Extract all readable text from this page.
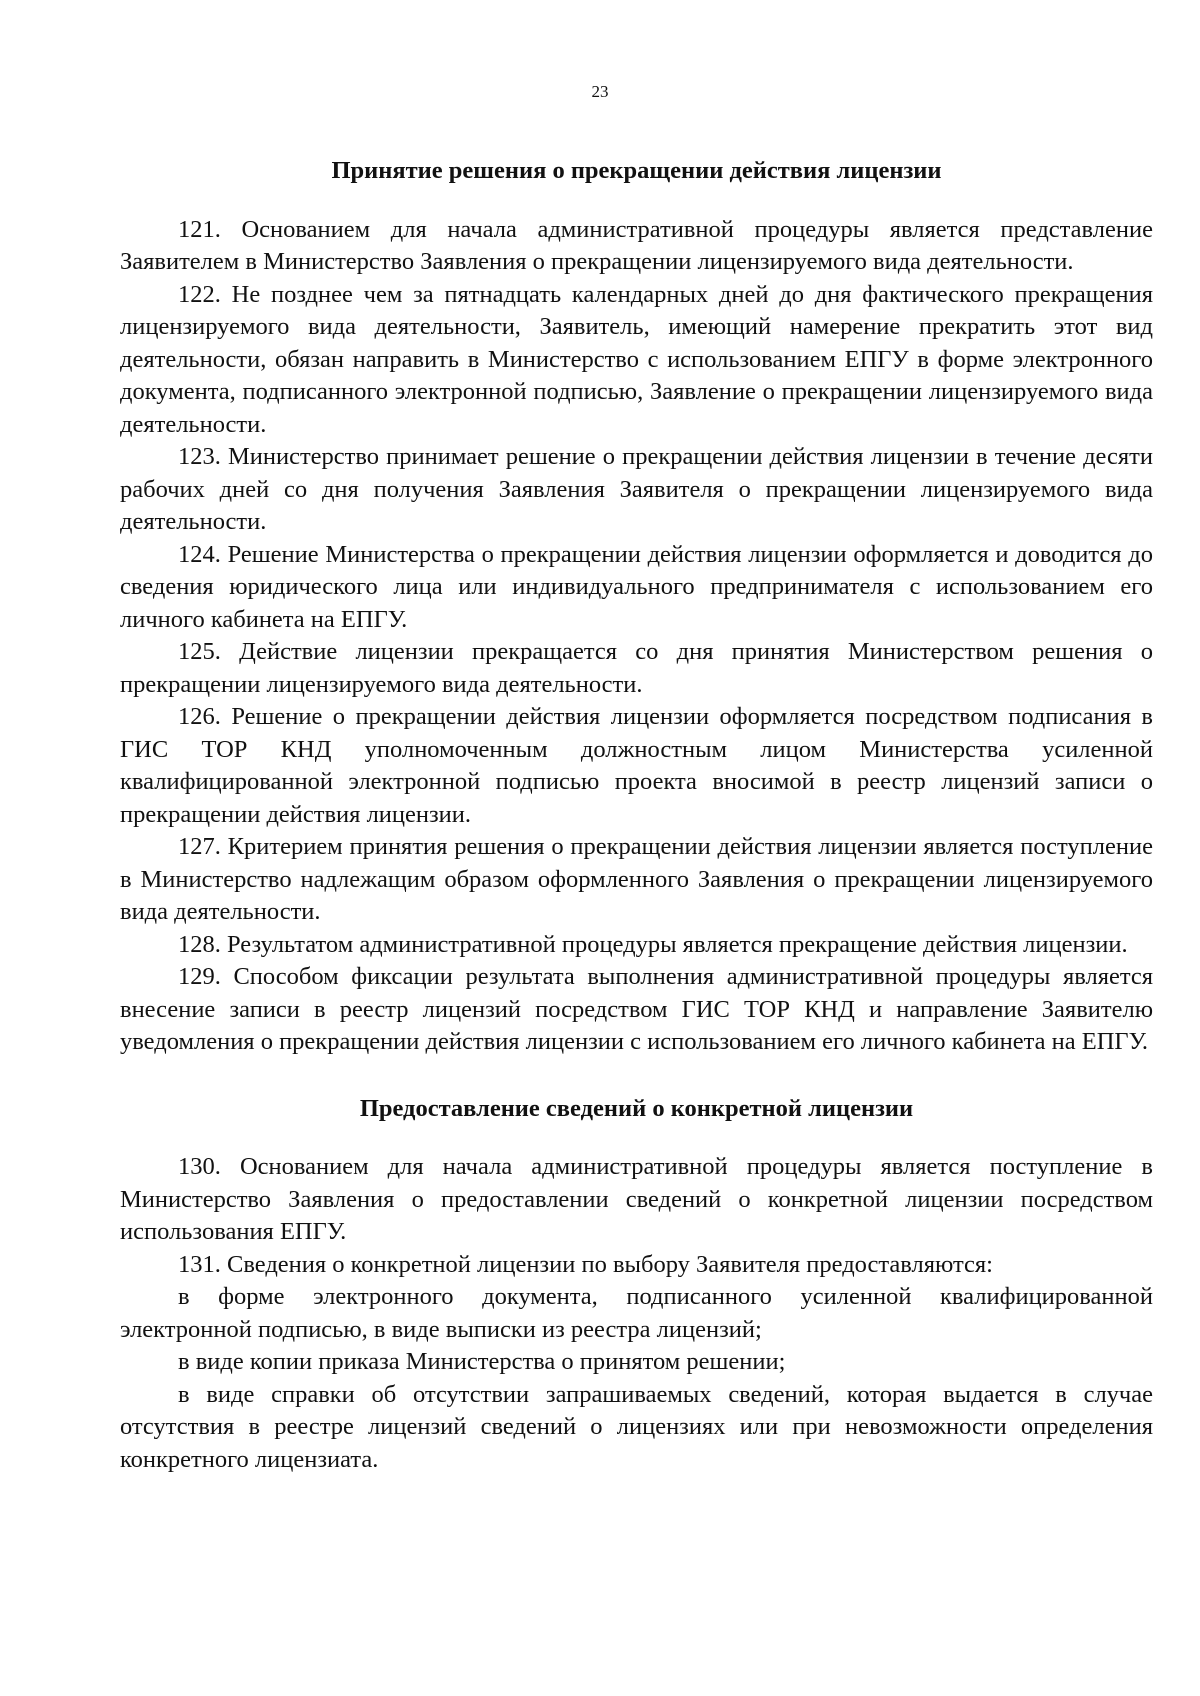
23
Принятие решения о прекращении действия лицензии

121. Основанием для начала административной процедуры является представление Заявителем в Министерство Заявления о прекращении лицензируемого вида деятельности.

122. Не позднее чем за пятнадцать календарных дней до дня фактического прекращения лицензируемого вида деятельности, Заявитель, имеющий намерение прекратить этот вид деятельности, обязан направить в Министерство с использованием ЕПГУ в форме электронного документа, подписанного электронной подписью, Заявление о прекращении лицензируемого вида деятельности.

123. Министерство принимает решение о прекращении действия лицензии в течение десяти рабочих дней со дня получения Заявления Заявителя о прекращении лицензируемого вида деятельности.

124. Решение Министерства о прекращении действия лицензии оформляется и доводится до сведения юридического лица или индивидуального предпринимателя с использованием его личного кабинета на ЕПГУ.

125. Действие лицензии прекращается со дня принятия Министерством решения о прекращении лицензируемого вида деятельности.

126. Решение о прекращении действия лицензии оформляется посредством подписания в ГИС ТОР КНД уполномоченным должностным лицом Министерства усиленной квалифицированной электронной подписью проекта вносимой в реестр лицензий записи о прекращении действия лицензии.

127. Критерием принятия решения о прекращении действия лицензии является поступление в Министерство надлежащим образом оформленного Заявления о прекращении лицензируемого вида деятельности.

128. Результатом административной процедуры является прекращение действия лицензии.

129. Способом фиксации результата выполнения административной процедуры является внесение записи в реестр лицензий посредством ГИС ТОР КНД и направление Заявителю уведомления о прекращении действия лицензии с использованием его личного кабинета на ЕПГУ.

Предоставление сведений о конкретной лицензии

130. Основанием для начала административной процедуры является поступление в Министерство Заявления о предоставлении сведений о конкретной лицензии посредством использования ЕПГУ.

131. Сведения о конкретной лицензии по выбору Заявителя предоставляются:

в форме электронного документа, подписанного усиленной квалифицированной электронной подписью, в виде выписки из реестра лицензий;

в виде копии приказа Министерства о принятом решении;

в виде справки об отсутствии запрашиваемых сведений, которая выдается в случае отсутствия в реестре лицензий сведений о лицензиях или при невозможности определения конкретного лицензиата.
